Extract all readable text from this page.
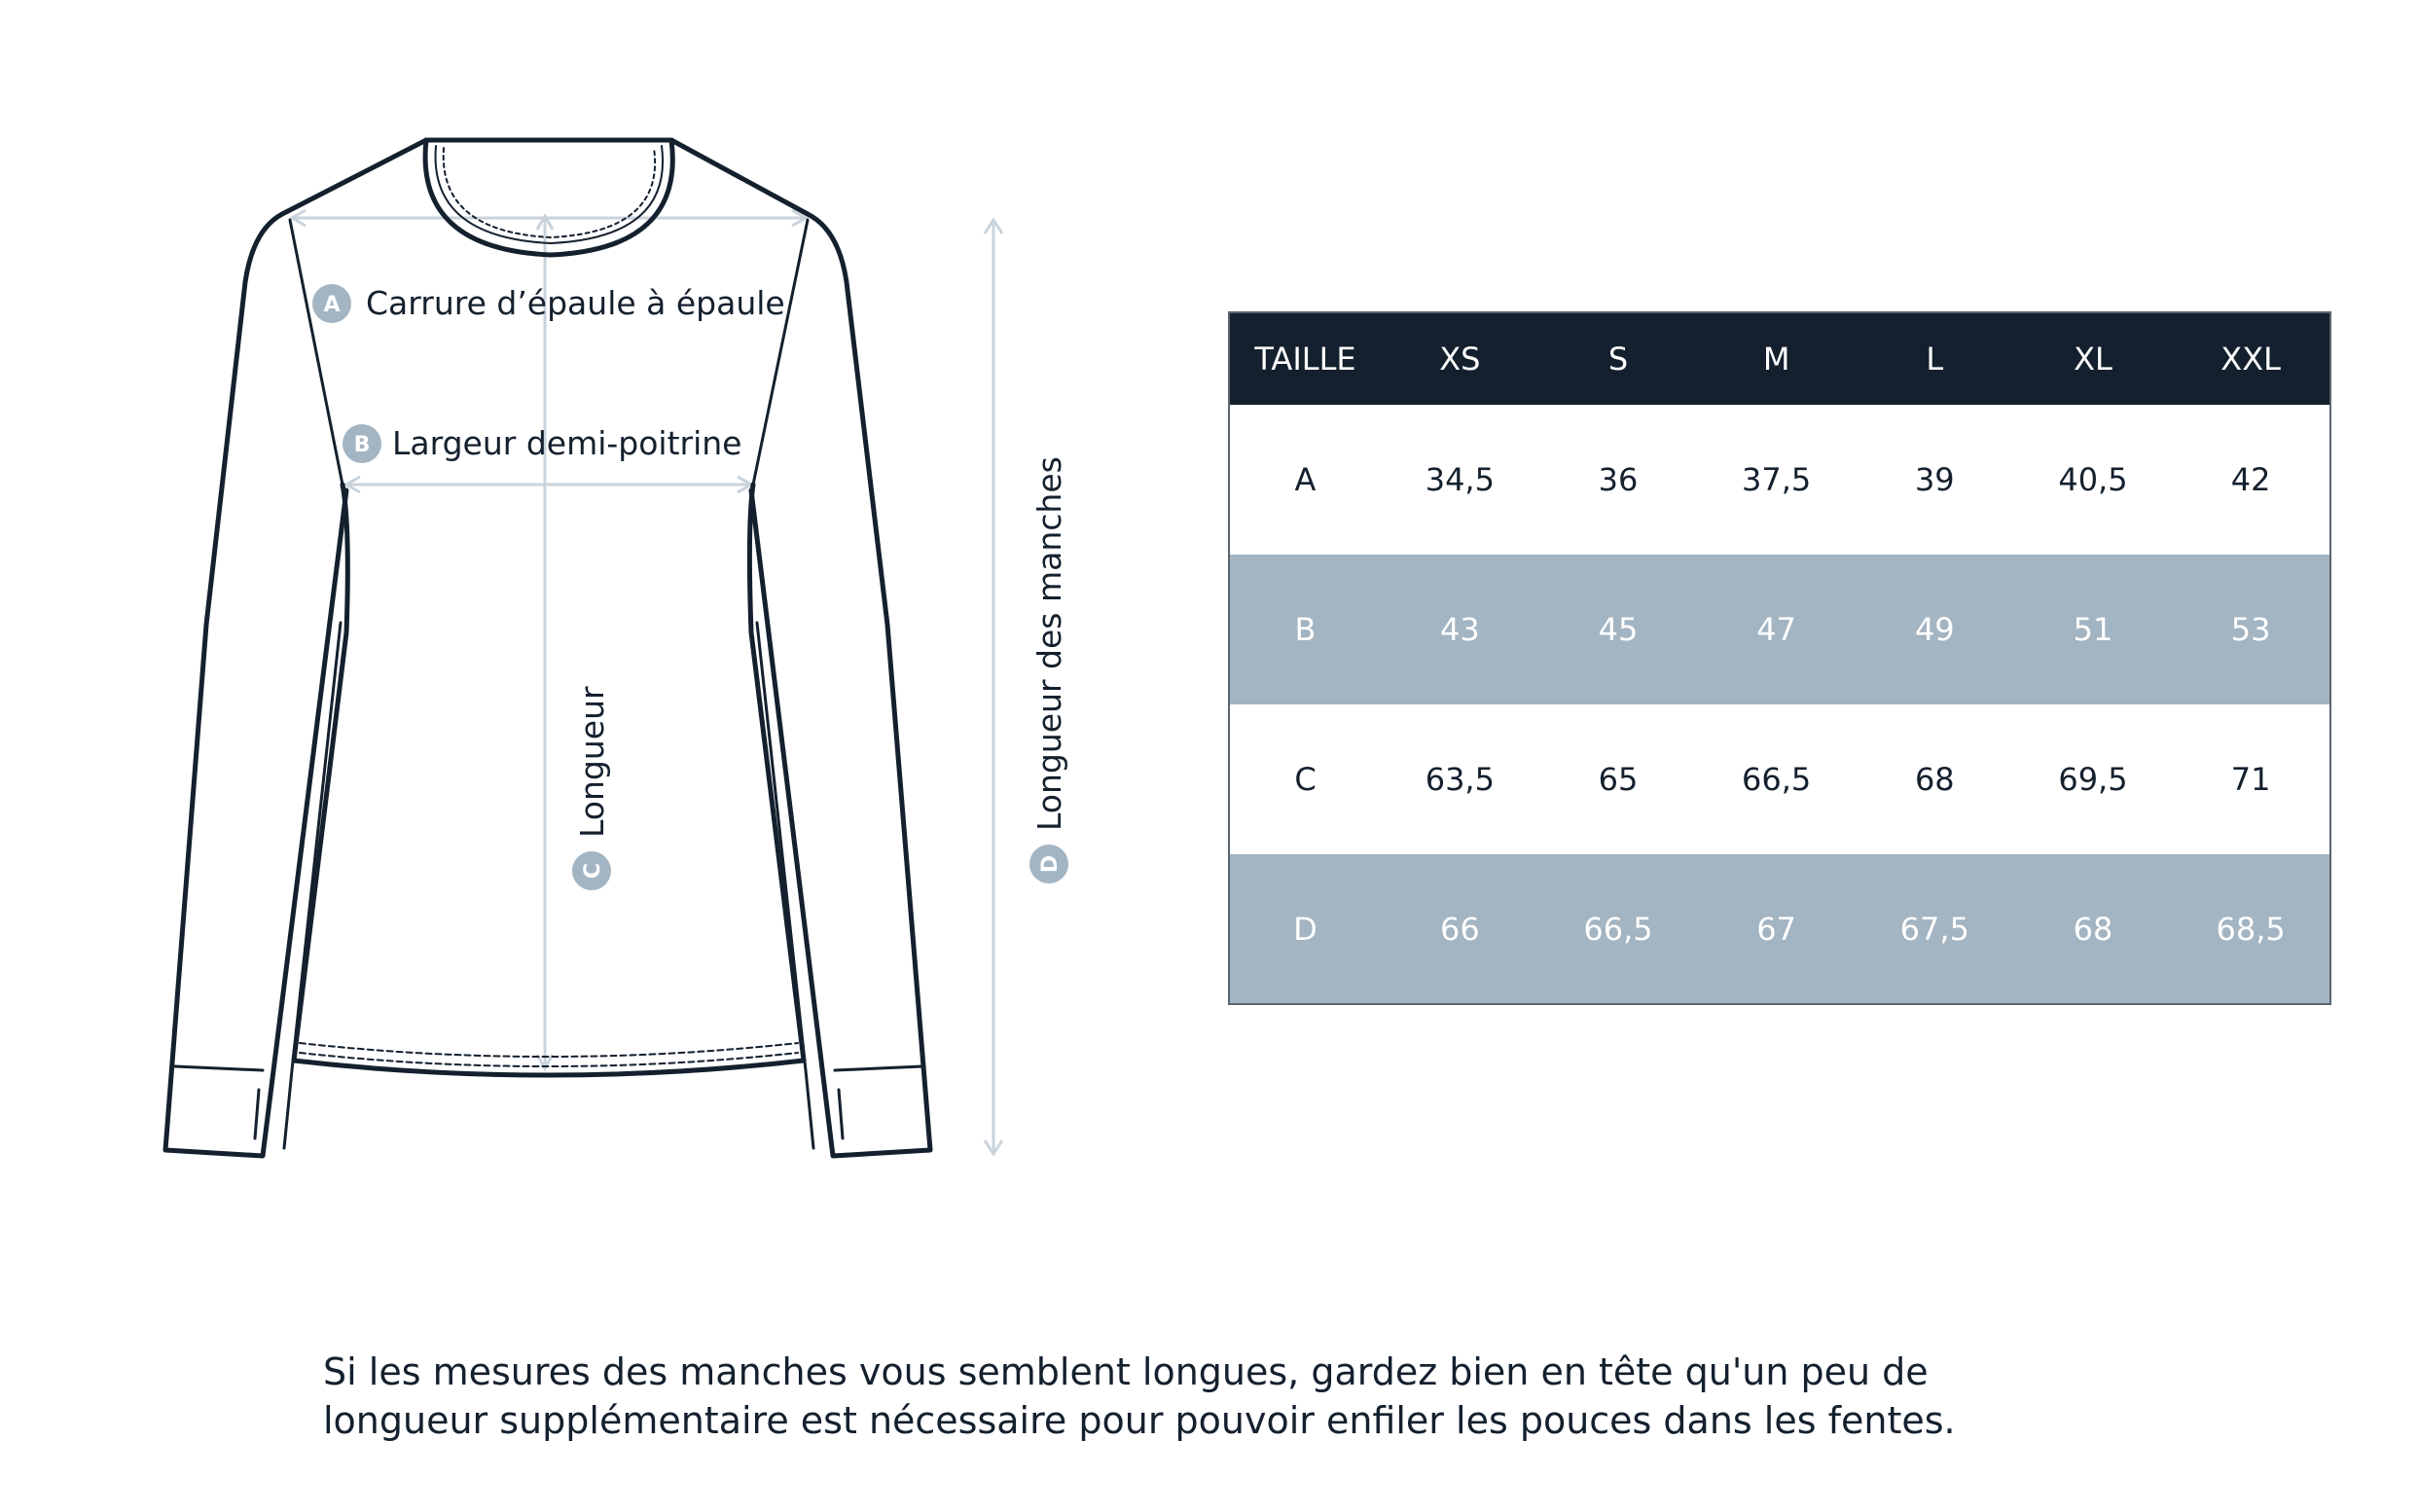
A Carrure d’épaule à épaule
B Largeur demi-poitrine
C
Longueur
D
Longueur des manches
TAILLE	XS	S	M	L	XL	XXL
A	34,5	36	37,5	39	40,5	42
B	43	45	47	49	51	53
C	63,5	65	66,5	68	69,5	71
D	66	66,5	67	67,5	68	68,5

Si les mesures des manches vous semblent longues, gardez bien en tête qu'un peu de
longueur supplémentaire est nécessaire pour pouvoir enfiler les pouces dans les fentes.
